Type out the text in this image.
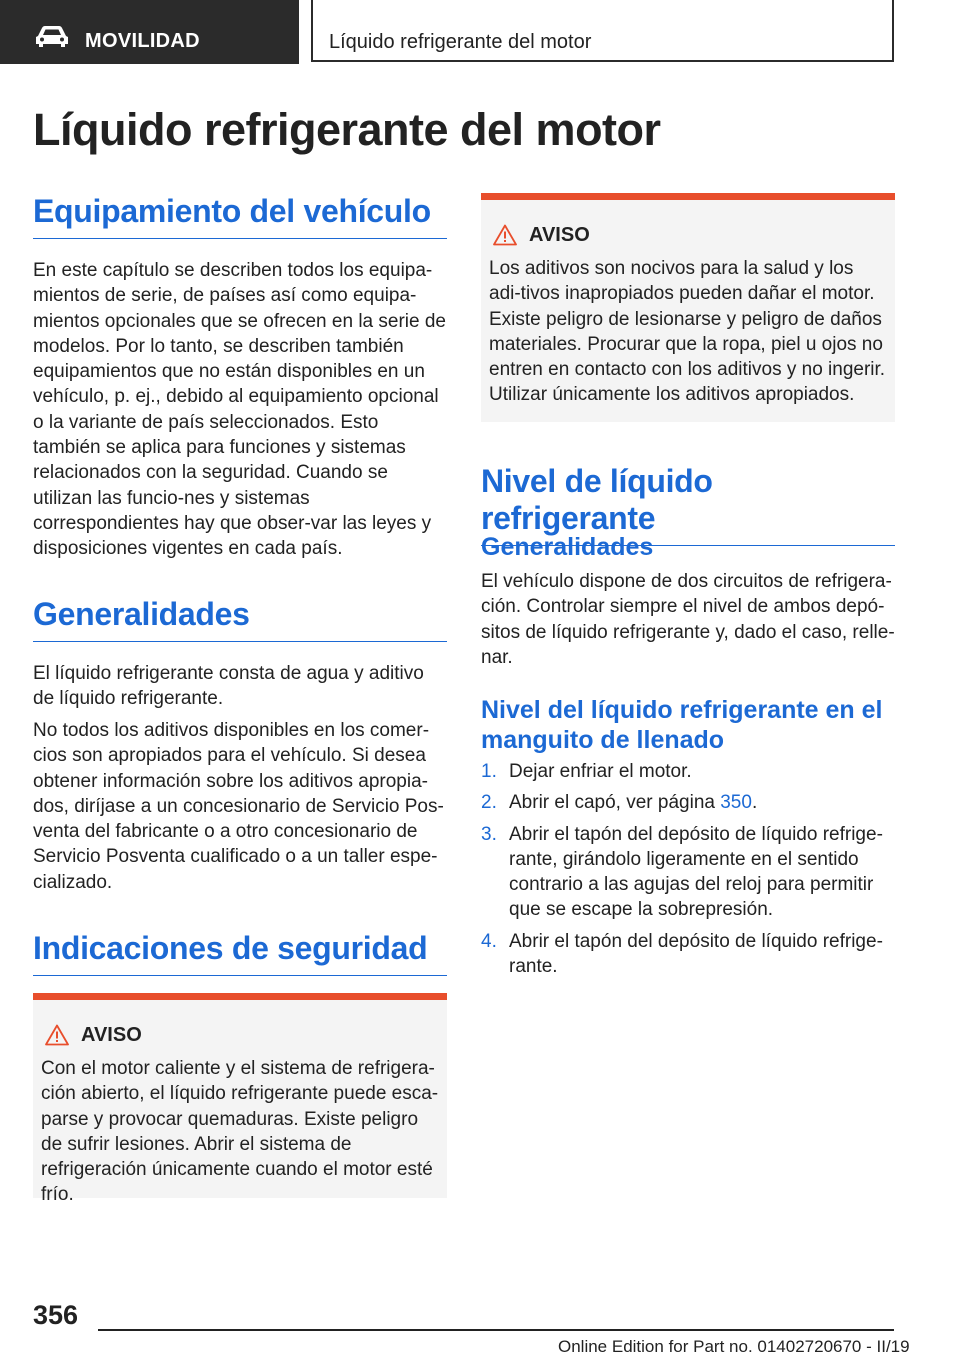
MOVILIDAD	Líquido refrigerante del motor
Líquido refrigerante del motor
Equipamiento del vehículo

En este capítulo se describen todos los equipa-mientos de serie, de países así como equipa-mientos opcionales que se ofrecen en la serie de modelos. Por lo tanto, se describen también equipamientos que no están disponibles en un vehículo, p. ej., debido al equipamiento opcional o la variante de país seleccionados. Esto también se aplica para funciones y sistemas relacionados con la seguridad. Cuando se utilizan las funcio-nes y sistemas correspondientes hay que obser-var las leyes y disposiciones vigentes en cada país.

Generalidades

El líquido refrigerante consta de agua y aditivo de líquido refrigerante.

No todos los aditivos disponibles en los comer-cios son apropiados para el vehículo. Si desea obtener información sobre los aditivos apropia-dos, diríjase a un concesionario de Servicio Pos-venta del fabricante o a otro concesionario de Servicio Posventa cualificado o a un taller espe-cializado.

Indicaciones de seguridad
AVISO

Con el motor caliente y el sistema de refrigera-ción abierto, el líquido refrigerante puede esca-parse y provocar quemaduras. Existe peligro de sufrir lesiones. Abrir el sistema de refrigeración únicamente cuando el motor esté frío.

AVISO

Los aditivos son nocivos para la salud y los adi-tivos inapropiados pueden dañar el motor. Existe peligro de lesionarse y peligro de daños materiales. Procurar que la ropa, piel u ojos no entren en contacto con los aditivos y no ingerir. Utilizar únicamente los aditivos apropiados.

Nivel de líquido refrigerante
Generalidades

El vehículo dispone de dos circuitos de refrigera-ción. Controlar siempre el nivel de ambos depó-sitos de líquido refrigerante y, dado el caso, relle-nar.

Nivel del líquido refrigerante en el manguito de llenado
1. Dejar enfriar el motor.
2. Abrir el capó, ver página 350.
3. Abrir el tapón del depósito de líquido refrige-rante, girándolo ligeramente en el sentido contrario a las agujas del reloj para permitir que se escape la sobrepresión.
4. Abrir el tapón del depósito de líquido refrige-rante.
356
Online Edition for Part no. 01402720670 - II/19
